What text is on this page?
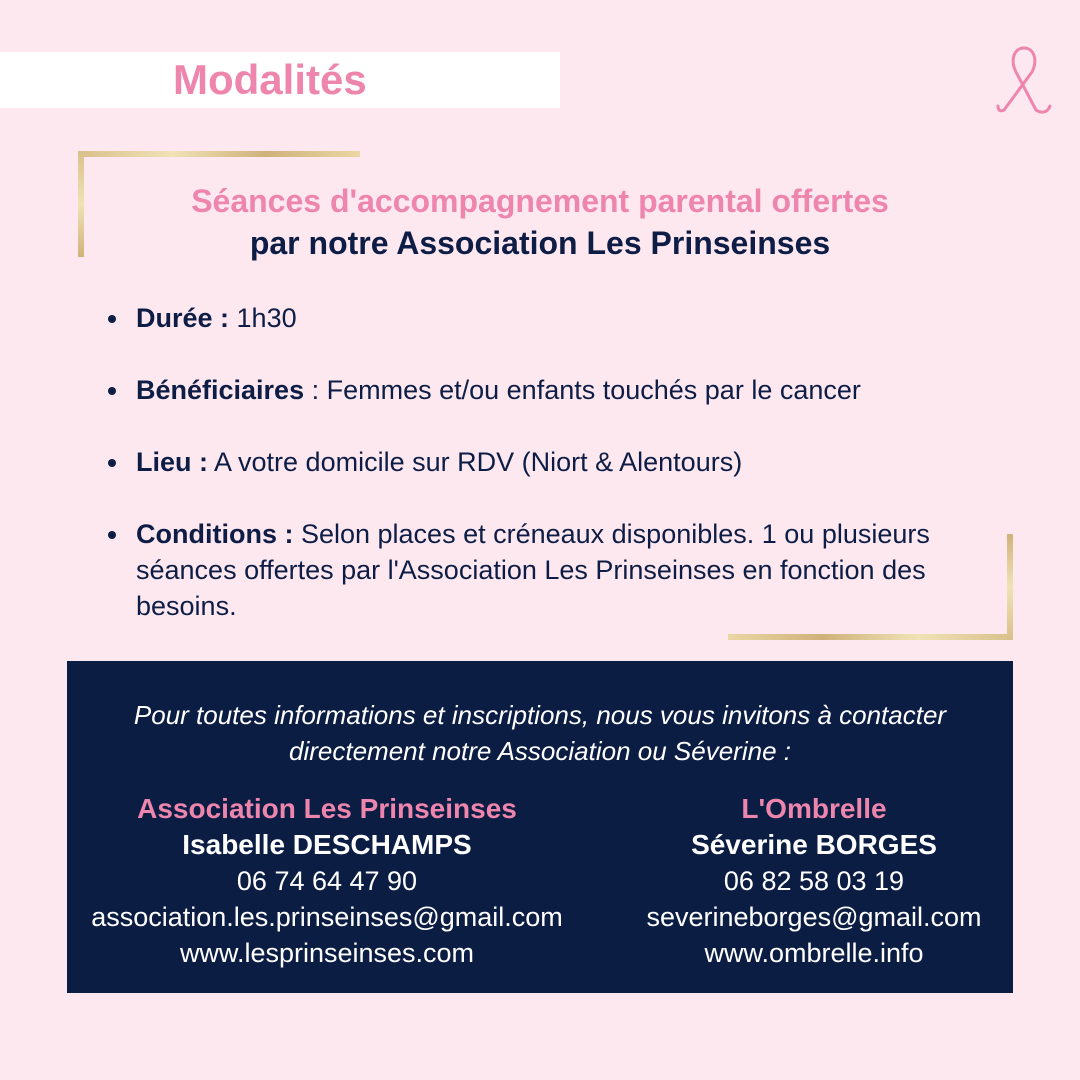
Modalités
Séances d'accompagnement parental offertes
par notre Association Les Prinseinses
Durée : 1h30
Bénéficiaires : Femmes et/ou enfants touchés par le cancer
Lieu : A votre domicile sur RDV (Niort & Alentours)
Conditions : Selon places et créneaux disponibles. 1 ou plusieurs séances offertes par l'Association Les Prinseinses en fonction des besoins.
Pour toutes informations et inscriptions, nous vous invitons à contacter
directement notre Association ou Séverine :
Association Les Prinseinses
Isabelle DESCHAMPS
06 74 64 47 90
association.les.prinseinses@gmail.com
www.lesprinseinses.com
L'Ombrelle
Séverine BORGES
06 82 58 03 19
severineborges@gmail.com
www.ombrelle.info
